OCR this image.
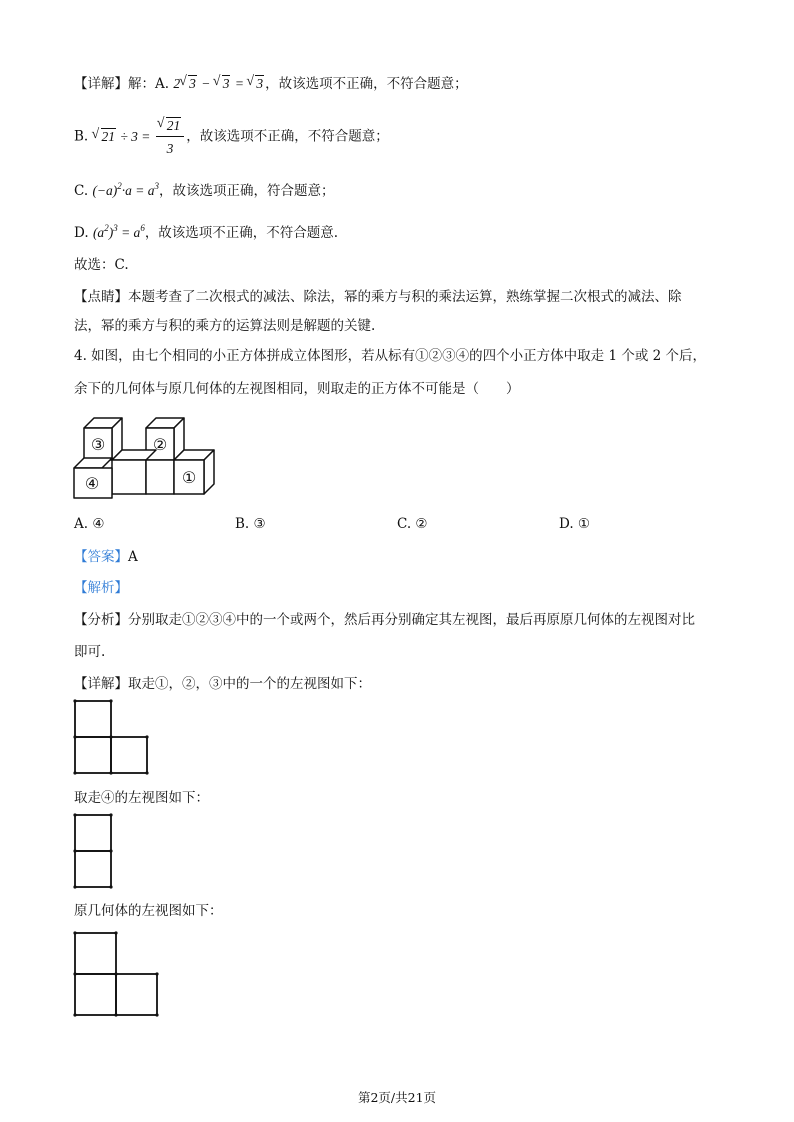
【详解】解：A. 2 √ 3 − √ 3 = √ 3 ，故该选项不正确，不符合题意；
B. √ 21 ÷ 3 = √ $\frac{21}{3}$ ，故该选项不正确，不符合题意；
C. $(-a)^2\cdot a = a^3$，故该选项正确，符合题意；
D. $(a^2)^3 = a^6$，故该选项不正确，不符合题意.
故选：C.
【点睛】本题考查了二次根式的减法、除法，幂的乘方与积的乘法运算，熟练掌握二次根式的减法、除
法，幂的乘方与积的乘方的运算法则是解题的关键.
4. 如图，由七个相同的小正方体拼成立体图形，若从标有①②③④的四个小正方体中取走 1 个或 2 个后，
余下的几何体与原几何体的左视图相同，则取走的正方体不可能是（　　）
③	②
④	①
A. ④	B. ③	C. ②	D. ①
【答案】A
【解析】
【分析】分别取走①②③④中的一个或两个，然后再分别确定其左视图，最后再原原几何体的左视图对比
即可.
【详解】取走①，②，③中的一个的左视图如下：
取走④的左视图如下：
原几何体的左视图如下：
第2页/共21页
